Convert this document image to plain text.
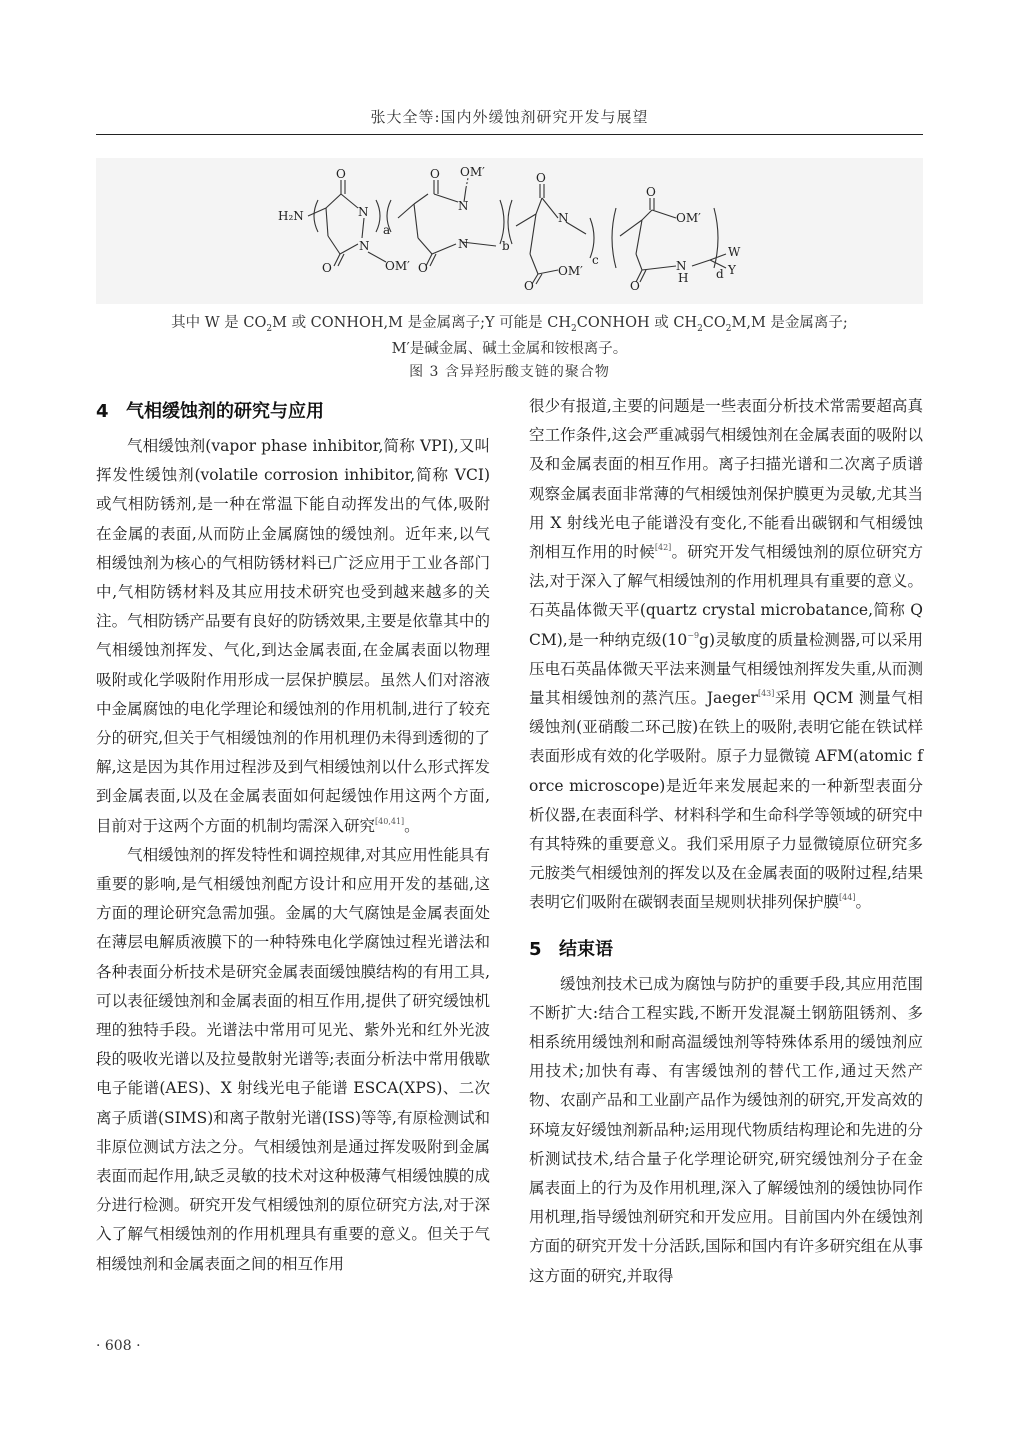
张大全等:国内外缓蚀剂研究开发与展望
H₂N
O
N
N
OM′
O
a
O OM′
N
N
O
b
O
N
OM′
O
c
O
OM′
N
H
O
W
Y
d
其中 W 是 $CO_2M$ 或 CONHOH,M 是金属离子;Y 可能是 $CH_2CONHOH$ 或 $CH_2CO_2M,M$ 是金属离子;
M′是碱金属、碱土金属和铵根离子。
图 3 含异羟肟酸支链的聚合物
4 气相缓蚀剂的研究与应用

气相缓蚀剂(vapor phase inhibitor,简称 VPI),又叫挥发性缓蚀剂(volatile corrosion inhibitor,简称 VCI)或气相防锈剂,是一种在常温下能自动挥发出的气体,吸附在金属的表面,从而防止金属腐蚀的缓蚀剂。近年来,以气相缓蚀剂为核心的气相防锈材料已广泛应用于工业各部门中,气相防锈材料及其应用技术研究也受到越来越多的关注。气相防锈产品要有良好的防锈效果,主要是依靠其中的气相缓蚀剂挥发、气化,到达金属表面,在金属表面以物理吸附或化学吸附作用形成一层保护膜层。虽然人们对溶液中金属腐蚀的电化学理论和缓蚀剂的作用机制,进行了较充分的研究,但关于气相缓蚀剂的作用机理仍未得到透彻的了解,这是因为其作用过程涉及到气相缓蚀剂以什么形式挥发到金属表面,以及在金属表面如何起缓蚀作用这两个方面,目前对于这两个方面的机制均需深入研究[40,41]。

气相缓蚀剂的挥发特性和调控规律,对其应用性能具有重要的影响,是气相缓蚀剂配方设计和应用开发的基础,这方面的理论研究急需加强。金属的大气腐蚀是金属表面处在薄层电解质液膜下的一种特殊电化学腐蚀过程光谱法和各种表面分析技术是研究金属表面缓蚀膜结构的有用工具,可以表征缓蚀剂和金属表面的相互作用,提供了研究缓蚀机理的独特手段。光谱法中常用可见光、紫外光和红外光波段的吸收光谱以及拉曼散射光谱等;表面分析法中常用俄歇电子能谱(AES)、X 射线光电子能谱 ESCA(XPS)、二次离子质谱(SIMS)和离子散射光谱(ISS)等等,有原检测试和非原位测试方法之分。气相缓蚀剂是通过挥发吸附到金属表面而起作用,缺乏灵敏的技术对这种极薄气相缓蚀膜的成分进行检测。研究开发气相缓蚀剂的原位研究方法,对于深入了解气相缓蚀剂的作用机理具有重要的意义。但关于气相缓蚀剂和金属表面之间的相互作用

很少有报道,主要的问题是一些表面分析技术常需要超高真空工作条件,这会严重减弱气相缓蚀剂在金属表面的吸附以及和金属表面的相互作用。离子扫描光谱和二次离子质谱观察金属表面非常薄的气相缓蚀剂保护膜更为灵敏,尤其当用 X 射线光电子能谱没有变化,不能看出碳钢和气相缓蚀剂相互作用的时候[42]。研究开发气相缓蚀剂的原位研究方法,对于深入了解气相缓蚀剂的作用机理具有重要的意义。石英晶体微天平(quartz crystal microbatance,简称 QCM),是一种纳克级$(10^{-9}g)$灵敏度的质量检测器,可以采用压电石英晶体微天平法来测量气相缓蚀剂挥发失重,从而测量其相缓蚀剂的蒸汽压。Jaeger[43]采用 QCM 测量气相缓蚀剂(亚硝酸二环己胺)在铁上的吸附,表明它能在铁试样表面形成有效的化学吸附。原子力显微镜 AFM(atomic force microscope)是近年来发展起来的一种新型表面分析仪器,在表面科学、材料科学和生命科学等领域的研究中有其特殊的重要意义。我们采用原子力显微镜原位研究多元胺类气相缓蚀剂的挥发以及在金属表面的吸附过程,结果表明它们吸附在碳钢表面呈规则状排列保护膜[44]。

5 结束语

缓蚀剂技术已成为腐蚀与防护的重要手段,其应用范围不断扩大:结合工程实践,不断开发混凝土钢筋阻锈剂、多相系统用缓蚀剂和耐高温缓蚀剂等特殊体系用的缓蚀剂应用技术;加快有毒、有害缓蚀剂的替代工作,通过天然产物、农副产品和工业副产品作为缓蚀剂的研究,开发高效的环境友好缓蚀剂新品种;运用现代物质结构理论和先进的分析测试技术,结合量子化学理论研究,研究缓蚀剂分子在金属表面上的行为及作用机理,深入了解缓蚀剂的缓蚀协同作用机理,指导缓蚀剂研究和开发应用。目前国内外在缓蚀剂方面的研究开发十分活跃,国际和国内有许多研究组在从事这方面的研究,并取得

· 608 ·
